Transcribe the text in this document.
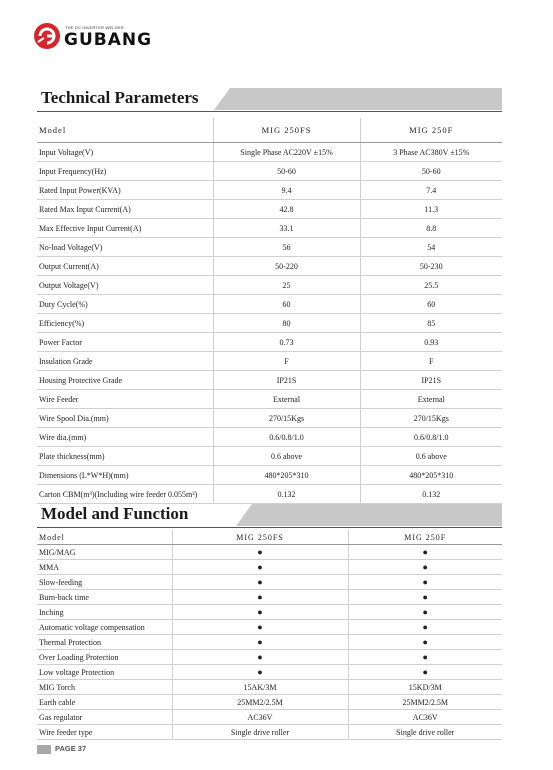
THE DC INVERTER WELDER
GUBANG
Technical Parameters
Model	MIG 250FS	MIG 250F
Input Voltage(V)	Single Phase AC220V ±15%	3 Phase AC380V ±15%
Input Frequency(Hz)	50-60	50-60
Rated Input Power(KVA)	9.4	7.4
Rated Max Input Current(A)	42.8	11.3
Max Effective Input Current(A)	33.1	8.8
No-load Voltage(V)	56	54
Output Current(A)	50-220	50-230
Output Voltage(V)	25	25.5
Duty Cycle(%)	60	60
Efficiency(%)	80	85
Power Factor	0.73	0.93
Insulation Grade	F	F
Housing Protective Grade	IP21S	IP21S
Wire Feeder	External	External
Wire Spool Dia.(mm)	270/15Kgs	270/15Kgs
Wire dia.(mm)	0.6/0.8/1.0	0.6/0.8/1.0
Plate thickness(mm)	0.6 above	0.6 above
Dimensions (L*W*H)(mm)	480*205*310	480*205*310
Carton CBM(m³)(Including wire feeder 0.055m³)	0.132	0.132
Model and Function
Model	MIG 250FS	MIG 250F
MIG/MAG	●	●
MMA	●	●
Slow-feeding	●	●
Burn-back time	●	●
Inching	●	●
Automatic voltage compensation	●	●
Thermal Protection	●	●
Over Loading Protection	●	●
Low voltage Protection	●	●
MIG Torch	15AK/3M	15KD/3M
Earth cable	25MM2/2.5M	25MM2/2.5M
Gas regulator	AC36V	AC36V
Wire feeder type	Single drive roller	Single drive roller
PAGE 37
